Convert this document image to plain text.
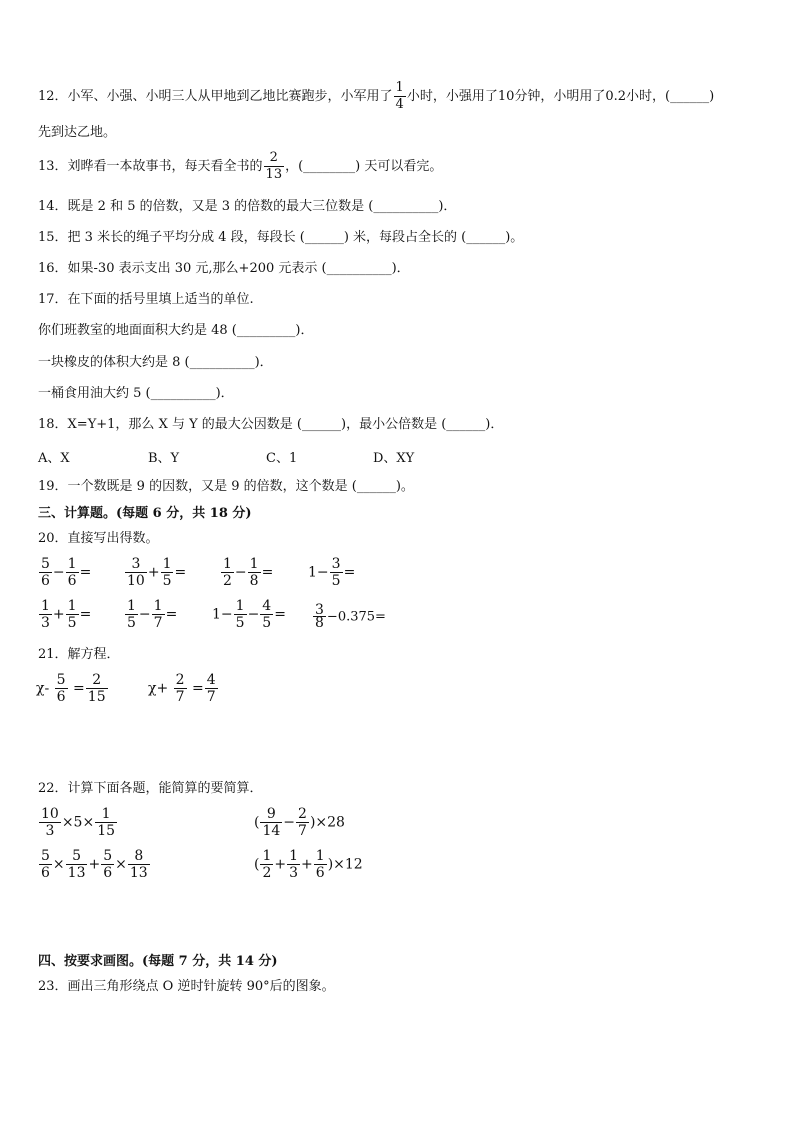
12．小军、小强、小明三人从甲地到乙地比赛跑步，小军用了 $\frac{1}{4}$ 小时，小强用了10分钟，小明用了0.2小时，(______)
先到达乙地。
13．刘晔看一本故事书，每天看全书的 $\frac{2}{13}$ ，(________) 天可以看完。
14．既是 2 和 5 的倍数，又是 3 的倍数的最大三位数是 (__________)．
15．把 3 米长的绳子平均分成 4 段，每段长 (______) 米，每段占全长的 (______)。
16．如果-30 表示支出 30 元,那么+200 元表示 (__________)．
17．在下面的括号里填上适当的单位.
你们班教室的地面面积大约是 48 (_________)．
一块橡皮的体积大约是 8 (__________)．
一桶食用油大约 5 (__________)．
18．X=Y+1，那么 X 与 Y 的最大公因数是 (______)，最小公倍数是 (______)．
A、X	B、Y	C、1	D、XY
19．一个数既是 9 的因数，又是 9 的倍数，这个数是 (______)。
三、计算题。(每题 6 分，共 18 分)
20．直接写出得数。
$\frac{5}{6} - \frac{1}{6} = \frac{3}{10} + \frac{1}{5} = \frac{1}{2} - \frac{1}{8} = 1- \frac{3}{5}$ =
$\frac{1}{3} + \frac{1}{5} = \frac{1}{5} - \frac{1}{7} = 1- \frac{1}{5} - \frac{4}{5} = \frac{3}{8} -0.375=$
21．解方程．
$\chi- \frac{5}{6} = \frac{2}{15}$	$\chi+ \frac{2}{7} = \frac{4}{7}$
22．计算下面各题，能简算的要简算．
$\frac{10}{3} \times 5\times \frac{1}{15}$	( $\frac{9}{14} - \frac{2}{7} )\times 28$
$\frac{5}{6} \times \frac{5}{13} + \frac{5}{6} \times \frac{8}{13}$	( $\frac{1}{2} + \frac{1}{3} + \frac{1}{6} )\times 12$
四、按要求画图。(每题 7 分，共 14 分)
23．画出三角形绕点 O 逆时针旋转 90°后的图象。
